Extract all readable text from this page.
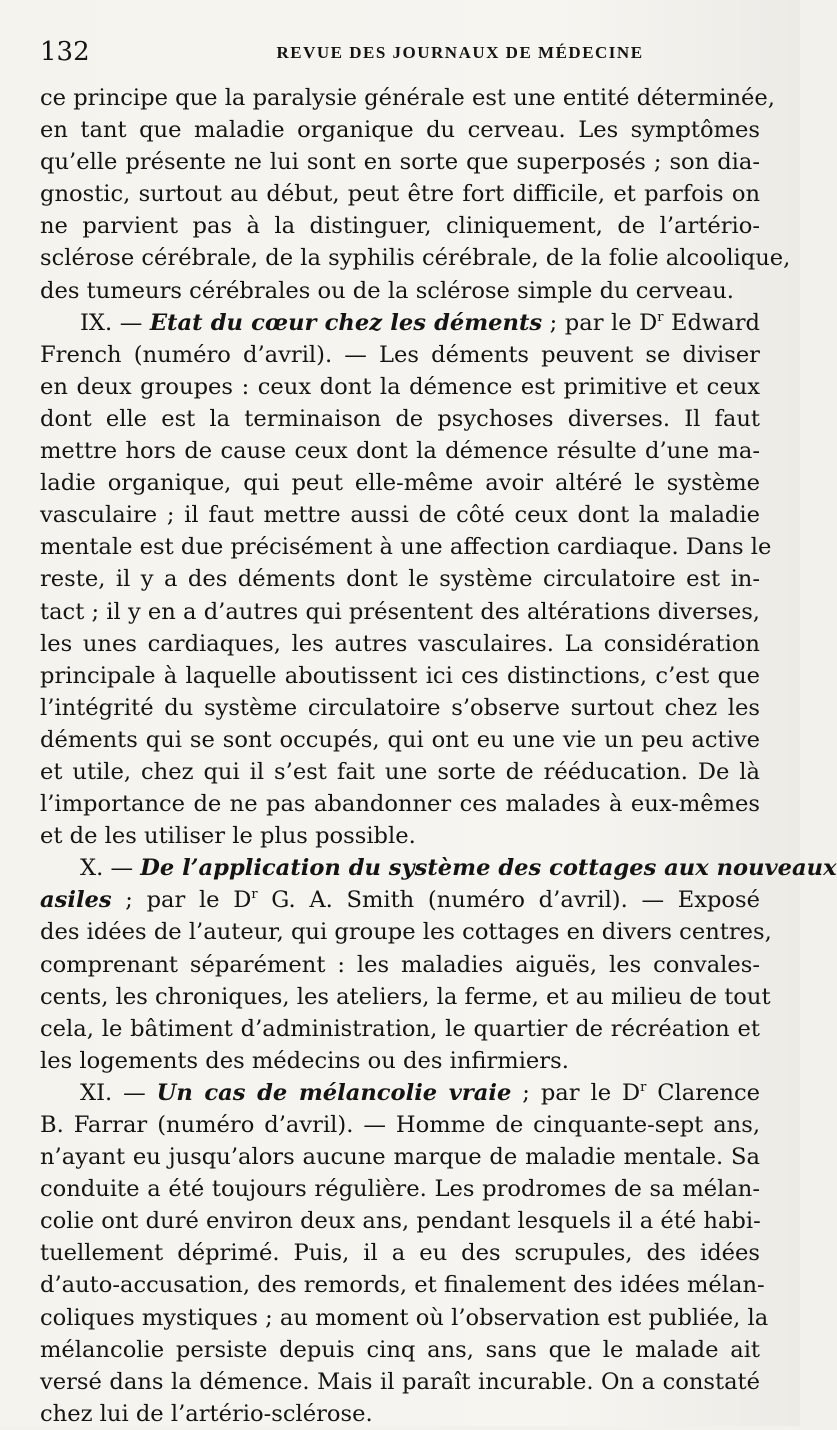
132	REVUE DES JOURNAUX DE MÉDECINE
ce principe que la paralysie générale est une entité déterminée,
en tant que maladie organique du cerveau. Les symptômes
qu’elle présente ne lui sont en sorte que superposés ; son dia-
gnostic, surtout au début, peut être fort difficile, et parfois on
ne parvient pas à la distinguer, cliniquement, de l’artério-
sclérose cérébrale, de la syphilis cérébrale, de la folie alcoolique,
des tumeurs cérébrales ou de la sclérose simple du cerveau.
IX. — Etat du cœur chez les déments ; par le $D^r$ Edward
French (numéro d’avril). — Les déments peuvent se diviser
en deux groupes : ceux dont la démence est primitive et ceux
dont elle est la terminaison de psychoses diverses. Il faut
mettre hors de cause ceux dont la démence résulte d’une ma-
ladie organique, qui peut elle-même avoir altéré le système
vasculaire ; il faut mettre aussi de côté ceux dont la maladie
mentale est due précisément à une affection cardiaque. Dans le
reste, il y a des déments dont le système circulatoire est in-
tact ; il y en a d’autres qui présentent des altérations diverses,
les unes cardiaques, les autres vasculaires. La considération
principale à laquelle aboutissent ici ces distinctions, c’est que
l’intégrité du système circulatoire s’observe surtout chez les
déments qui se sont occupés, qui ont eu une vie un peu active
et utile, chez qui il s’est fait une sorte de rééducation. De là
l’importance de ne pas abandonner ces malades à eux-mêmes
et de les utiliser le plus possible.
X. — De l’application du système des cottages aux nouveaux
asiles ; par le $D^r$ G. A. Smith (numéro d’avril). — Exposé
des idées de l’auteur, qui groupe les cottages en divers centres,
comprenant séparément : les maladies aiguës, les convales-
cents, les chroniques, les ateliers, la ferme, et au milieu de tout
cela, le bâtiment d’administration, le quartier de récréation et
les logements des médecins ou des infirmiers.
XI. — Un cas de mélancolie vraie ; par le $D^r$ Clarence
B. Farrar (numéro d’avril). — Homme de cinquante-sept ans,
n’ayant eu jusqu’alors aucune marque de maladie mentale. Sa
conduite a été toujours régulière. Les prodromes de sa mélan-
colie ont duré environ deux ans, pendant lesquels il a été habi-
tuellement déprimé. Puis, il a eu des scrupules, des idées
d’auto-accusation, des remords, et finalement des idées mélan-
coliques mystiques ; au moment où l’observation est publiée, la
mélancolie persiste depuis cinq ans, sans que le malade ait
versé dans la démence. Mais il paraît incurable. On a constaté
chez lui de l’artério-sclérose.
